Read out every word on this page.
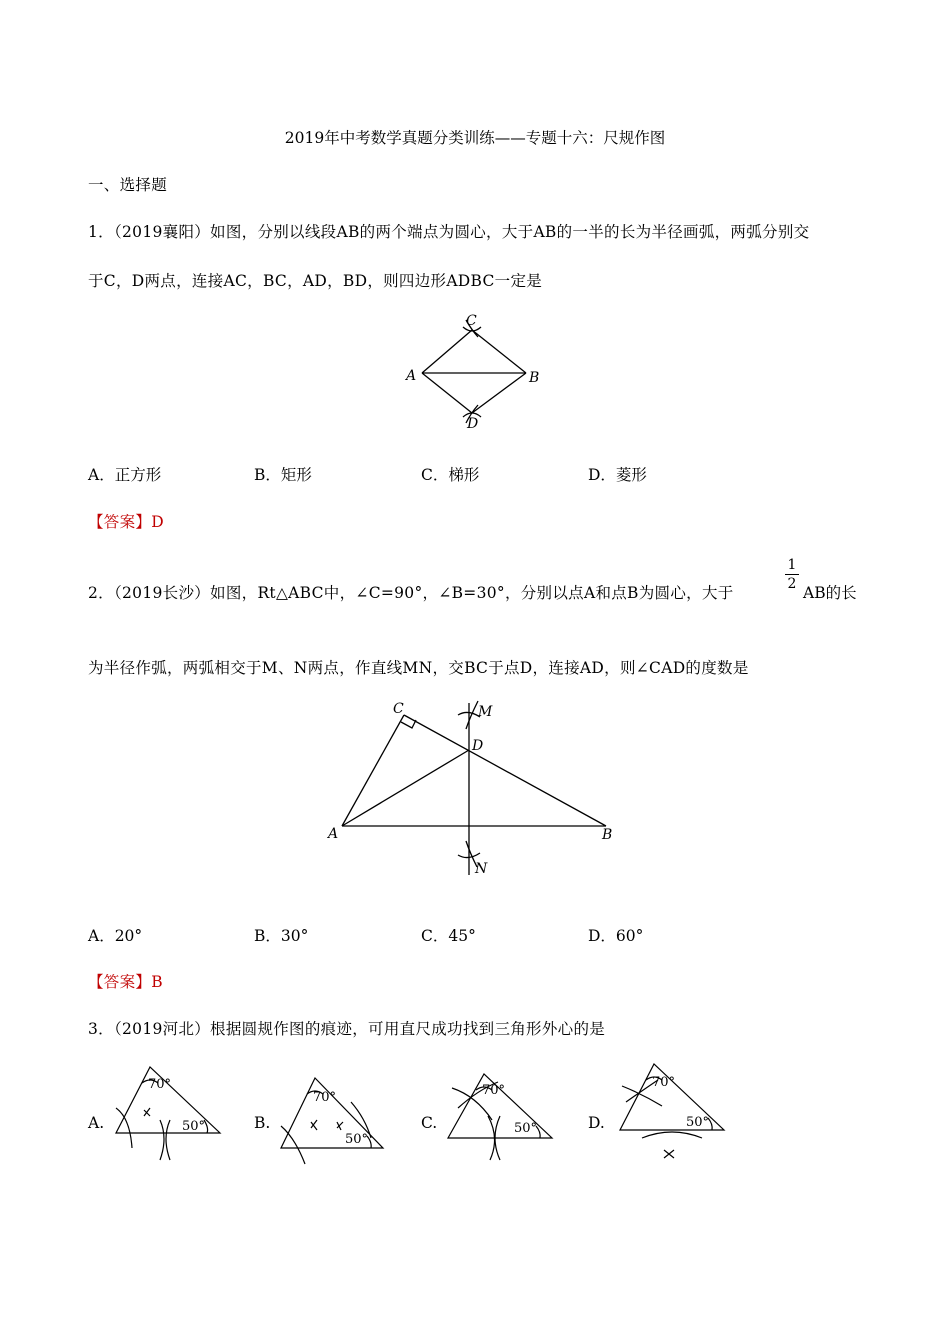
2019年中考数学真题分类训练——专题十六：尺规作图
一、选择题
1．（2019襄阳）如图，分别以线段AB的两个端点为圆心，大于AB的一半的长为半径画弧，两弧分别交
于C，D两点，连接AC，BC，AD，BD，则四边形ADBC一定是
C
A	B
D
A．正方形	B．矩形	C．梯形	D．菱形
【答案】D
2．（2019长沙）如图，Rt△ABC中，∠C=90°，∠B=30°，分别以点A和点B为圆心，大于	$\frac{1}{2}$ AB的长
为半径作弧，两弧相交于M、N两点，作直线MN，交BC于点D，连接AD，则∠CAD的度数是
C	M
D
A	B
N
A．20°	B．30°	C．45°	D．60°
【答案】B
3．（2019河北）根据圆规作图的痕迹，可用直尺成功找到三角形外心的是
A.
70°
50°	B.
70°
50°
C.
70°
50°	D.
70°
50°
